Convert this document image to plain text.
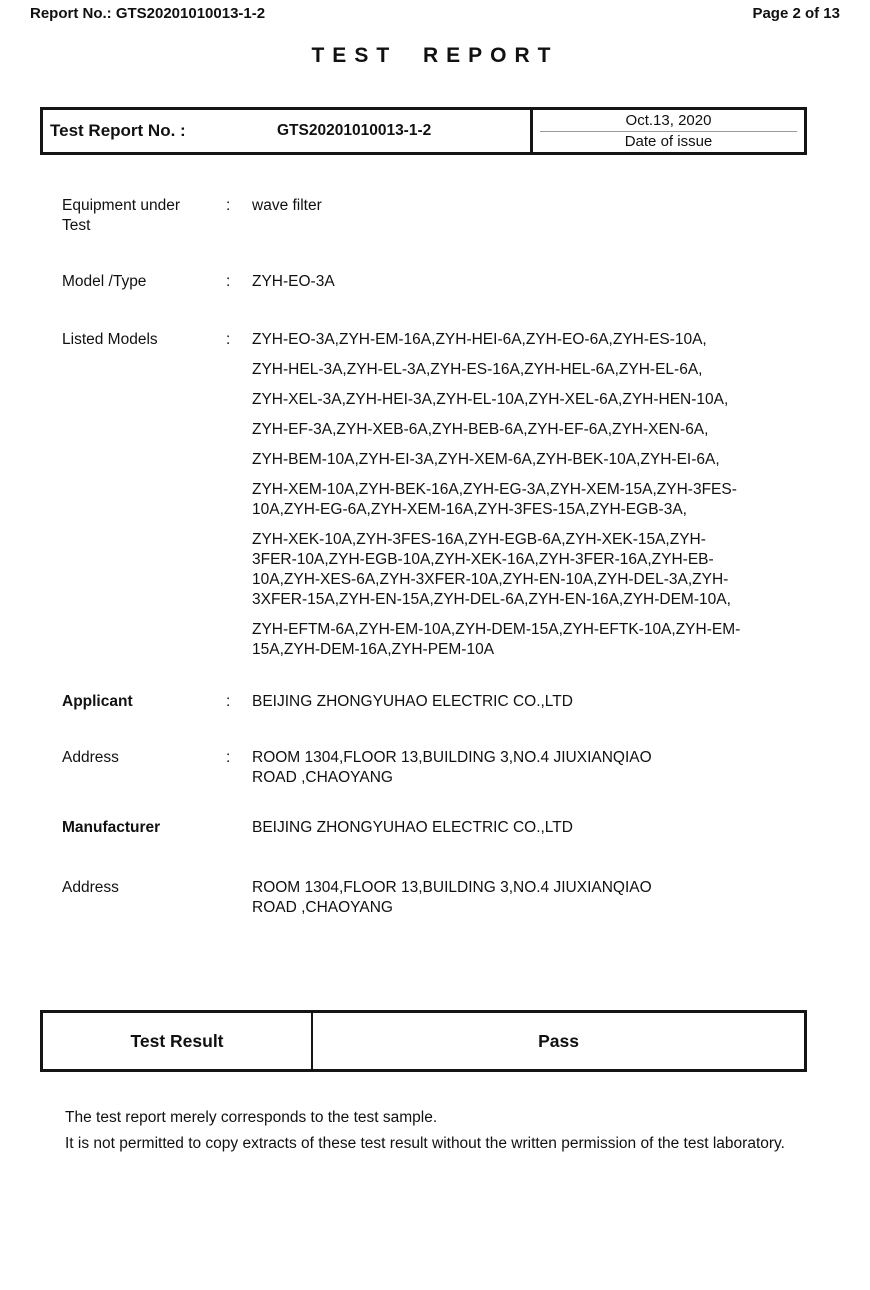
Report No.: GTS20201010013-1-2	Page 2 of 13
TEST REPORT
Test Report No. :	GTS20201010013-1-2
Oct.13, 2020
Date of issue
Equipment under Test
:	wave filter
Model /Type	:	ZYH-EO-3A
Listed Models	:	ZYH-EO-3A,ZYH-EM-16A,ZYH-HEI-6A,ZYH-EO-6A,ZYH-ES-10A,

ZYH-HEL-3A,ZYH-EL-3A,ZYH-ES-16A,ZYH-HEL-6A,ZYH-EL-6A,

ZYH-XEL-3A,ZYH-HEI-3A,ZYH-EL-10A,ZYH-XEL-6A,ZYH-HEN-10A,

ZYH-EF-3A,ZYH-XEB-6A,ZYH-BEB-6A,ZYH-EF-6A,ZYH-XEN-6A,

ZYH-BEM-10A,ZYH-EI-3A,ZYH-XEM-6A,ZYH-BEK-10A,ZYH-EI-6A,

ZYH-XEM-10A,ZYH-BEK-16A,ZYH-EG-3A,ZYH-XEM-15A,ZYH-3FES-10A,ZYH-EG-6A,ZYH-XEM-16A,ZYH-3FES-15A,ZYH-EGB-3A,

ZYH-XEK-10A,ZYH-3FES-16A,ZYH-EGB-6A,ZYH-XEK-15A,ZYH-3FER-10A,ZYH-EGB-10A,ZYH-XEK-16A,ZYH-3FER-16A,ZYH-EB-10A,ZYH-XES-6A,ZYH-3XFER-10A,ZYH-EN-10A,ZYH-DEL-3A,ZYH-3XFER-15A,ZYH-EN-15A,ZYH-DEL-6A,ZYH-EN-16A,ZYH-DEM-10A,

ZYH-EFTM-6A,ZYH-EM-10A,ZYH-DEM-15A,ZYH-EFTK-10A,ZYH-EM-15A,ZYH-DEM-16A,ZYH-PEM-10A

Applicant	:	BEIJING ZHONGYUHAO ELECTRIC CO.,LTD
Address	:	ROOM 1304,FLOOR 13,BUILDING 3,NO.4 JIUXIANQIAO
ROAD ,CHAOYANG
Manufacturer	BEIJING ZHONGYUHAO ELECTRIC CO.,LTD
Address	ROOM 1304,FLOOR 13,BUILDING 3,NO.4 JIUXIANQIAO
ROAD ,CHAOYANG
Test Result	Pass

The test report merely corresponds to the test sample.

It is not permitted to copy extracts of these test result without the written permission of the test laboratory.
